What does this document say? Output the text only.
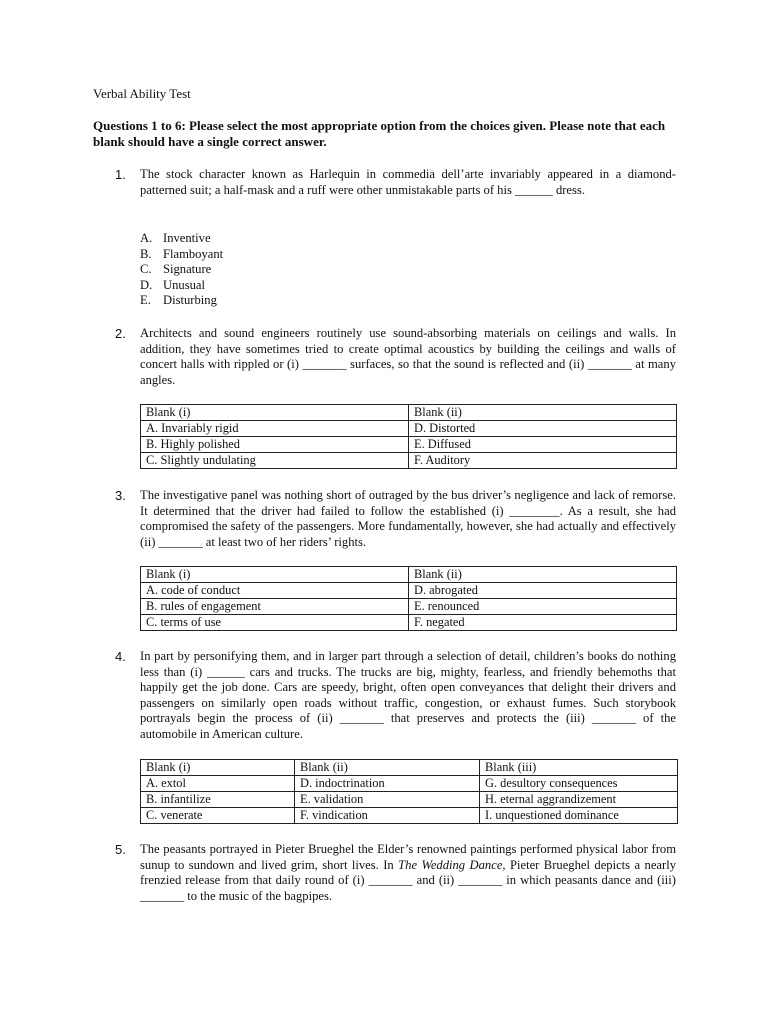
Verbal Ability Test
Questions 1 to 6: Please select the most appropriate option from the choices given. Please note that each blank should have a single correct answer.
1. The stock character known as Harlequin in commedia dell’arte invariably appeared in a diamond- patterned suit; a half-mask and a ruff were other unmistakable parts of his ______ dress.
A. Inventive
B. Flamboyant
C. Signature
D. Unusual
E. Disturbing
2. Architects and sound engineers routinely use sound-absorbing materials on ceilings and walls. In addition, they have sometimes tried to create optimal acoustics by building the ceilings and walls of concert halls with rippled or (i) _______ surfaces, so that the sound is reflected and (ii) _______ at many angles.
Blank (i)	Blank (ii)
A. Invariably rigid	D. Distorted
B. Highly polished	E. Diffused
C. Slightly undulating	F. Auditory
3. The investigative panel was nothing short of outraged by the bus driver’s negligence and lack of remorse. It determined that the driver had failed to follow the established (i) ________. As a result, she had compromised the safety of the passengers. More fundamentally, however, she had actually and effectively (ii) _______ at least two of her riders’ rights.
Blank (i)	Blank (ii)
A. code of conduct	D. abrogated
B. rules of engagement	E. renounced
C. terms of use	F. negated
4. In part by personifying them, and in larger part through a selection of detail, children’s books do nothing less than (i) ______ cars and trucks. The trucks are big, mighty, fearless, and friendly behemoths that happily get the job done. Cars are speedy, bright, often open conveyances that delight their drivers and passengers on similarly open roads without traffic, congestion, or exhaust fumes. Such storybook portrayals begin the process of (ii) _______ that preserves and protects the (iii) _______ of the automobile in American culture.
Blank (i)	Blank (ii)	Blank (iii)
A. extol	D. indoctrination	G. desultory consequences
B. infantilize	E. validation	H. eternal aggrandizement
C. venerate	F. vindication	I. unquestioned dominance
5. The peasants portrayed in Pieter Brueghel the Elder’s renowned paintings performed physical labor from sunup to sundown and lived grim, short lives. In The Wedding Dance, Pieter Brueghel depicts a nearly frenzied release from that daily round of (i) _______ and (ii) _______ in which peasants dance and (iii) _______ to the music of the bagpipes.
